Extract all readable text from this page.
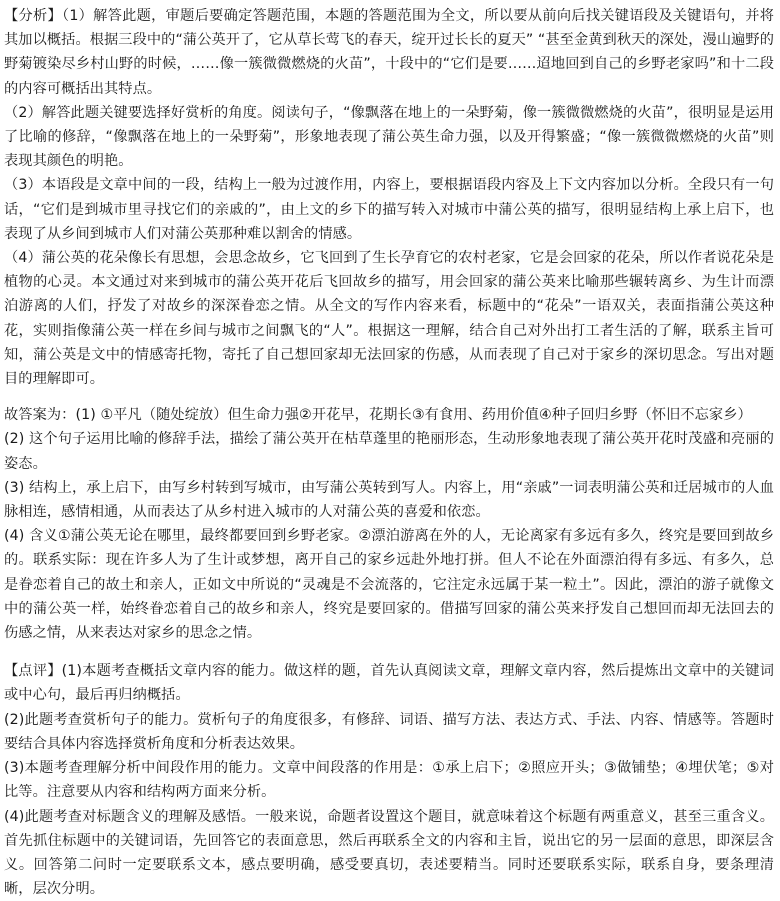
【分析】（1）解答此题，审题后要确定答题范围，本题的答题范围为全文，所以要从前向后找关键语段及关键语句，并将其加以概括。根据三段中的“蒲公英开了，它从草长莺飞的春天，绽开过长长的夏天” “甚至金黄到秋天的深处，漫山遍野的野菊镀染尽乡村山野的时候，……像一簇微微燃烧的火苗”，十段中的“它们是要……迢地回到自己的乡野老家吗”和十二段的内容可概括出其特点。

（2）解答此题关键要选择好赏析的角度。阅读句子，“像飘落在地上的一朵野菊，像一簇微微燃烧的火苗”，很明显是运用了比喻的修辞，“像飘落在地上的一朵野菊”，形象地表现了蒲公英生命力强，以及开得繁盛；“像一簇微微燃烧的火苗”则表现其颜色的明艳。

（3）本语段是文章中间的一段，结构上一般为过渡作用，内容上，要根据语段内容及上下文内容加以分析。全段只有一句话，“它们是到城市里寻找它们的亲戚的”，由上文的乡下的描写转入对城市中蒲公英的描写，很明显结构上承上启下，也表现了从乡间到城市人们对蒲公英那种难以割舍的情感。

（4）蒲公英的花朵像长有思想，会思念故乡，它飞回到了生长孕育它的农村老家，它是会回家的花朵，所以作者说花朵是植物的心灵。本文通过对来到城市的蒲公英开花后飞回故乡的描写，用会回家的蒲公英来比喻那些辗转离乡、为生计而漂泊游离的人们，抒发了对故乡的深深眷恋之情。从全文的写作内容来看，标题中的“花朵”一语双关，表面指蒲公英这种花，实则指像蒲公英一样在乡间与城市之间飘飞的“人”。根据这一理解，结合自己对外出打工者生活的了解，联系主旨可知，蒲公英是文中的情感寄托物，寄托了自己想回家却无法回家的伤感，从而表现了自己对于家乡的深切思念。写出对题目的理解即可。

故答案为：(1) ①平凡（随处绽放）但生命力强②开花早，花期长③有食用、药用价值④种子回归乡野（怀旧不忘家乡）

(2) 这个句子运用比喻的修辞手法，描绘了蒲公英开在枯草蓬里的艳丽形态，生动形象地表现了蒲公英开花时茂盛和亮丽的姿态。

(3) 结构上，承上启下，由写乡村转到写城市，由写蒲公英转到写人。内容上，用“亲戚”一词表明蒲公英和迁居城市的人血脉相连，感情相通，从而表达了从乡村进入城市的人对蒲公英的喜爱和依恋。

(4) 含义①蒲公英无论在哪里，最终都要回到乡野老家。②漂泊游离在外的人，无论离家有多远有多久，终究是要回到故乡的。联系实际：现在许多人为了生计或梦想，离开自己的家乡远赴外地打拼。但人不论在外面漂泊得有多远、有多久，总是眷恋着自己的故土和亲人，正如文中所说的“灵魂是不会流落的，它注定永远属于某一粒土”。因此，漂泊的游子就像文中的蒲公英一样，始终眷恋着自己的故乡和亲人，终究是要回家的。借描写回家的蒲公英来抒发自己想回而却无法回去的伤感之情，从来表达对家乡的思念之情。

【点评】(1)本题考查概括文章内容的能力。做这样的题，首先认真阅读文章，理解文章内容，然后提炼出文章中的关键词或中心句，最后再归纳概括。

(2)此题考查赏析句子的能力。赏析句子的角度很多，有修辞、词语、描写方法、表达方式、手法、内容、情感等。答题时要结合具体内容选择赏析角度和分析表达效果。

(3)本题考查理解分析中间段作用的能力。文章中间段落的作用是：①承上启下；②照应开头；③做铺垫；④埋伏笔；⑤对比等。注意要从内容和结构两方面来分析。

(4)此题考查对标题含义的理解及感悟。一般来说，命题者设置这个题目，就意味着这个标题有两重意义，甚至三重含义。首先抓住标题中的关键词语，先回答它的表面意思，然后再联系全文的内容和主旨，说出它的另一层面的意思，即深层含义。回答第二问时一定要联系文本，感点要明确，感受要真切，表述要精当。同时还要联系实际，联系自身，要条理清晰，层次分明。
